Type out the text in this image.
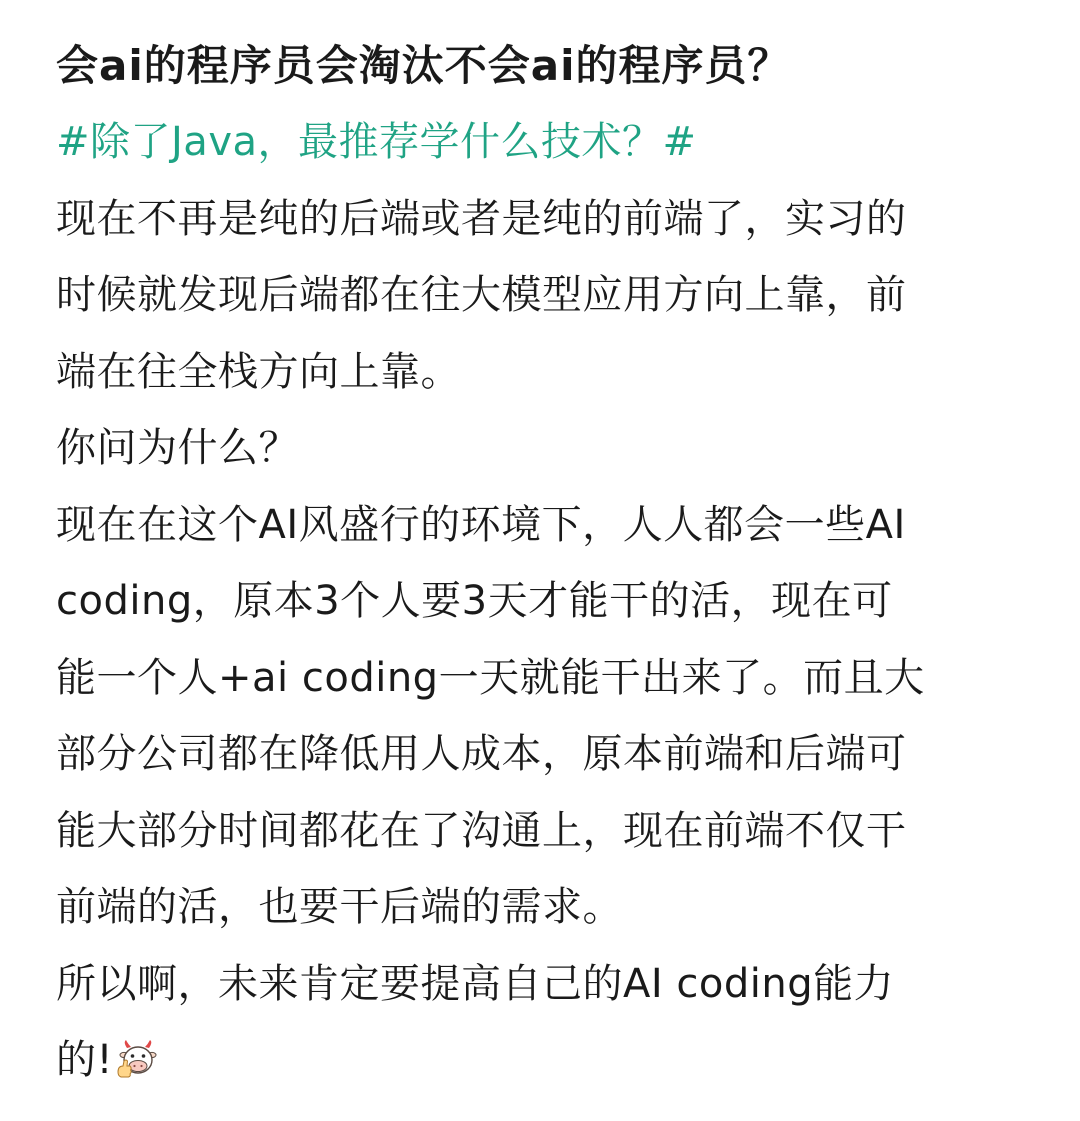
会ai的程序员会淘汰不会ai的程序员？

#除了Java，最推荐学什么技术？#

现在不再是纯的后端或者是纯的前端了，实习的

时候就发现后端都在往大模型应用方向上靠，前

端在往全栈方向上靠。

你问为什么？

现在在这个AI风盛行的环境下，人人都会一些AI

coding，原本3个人要3天才能干的活，现在可

能一个人+ai coding一天就能干出来了。而且大

部分公司都在降低用人成本，原本前端和后端可

能大部分时间都花在了沟通上，现在前端不仅干

前端的活，也要干后端的需求。

所以啊，未来肯定要提高自己的AI coding能力

的!
